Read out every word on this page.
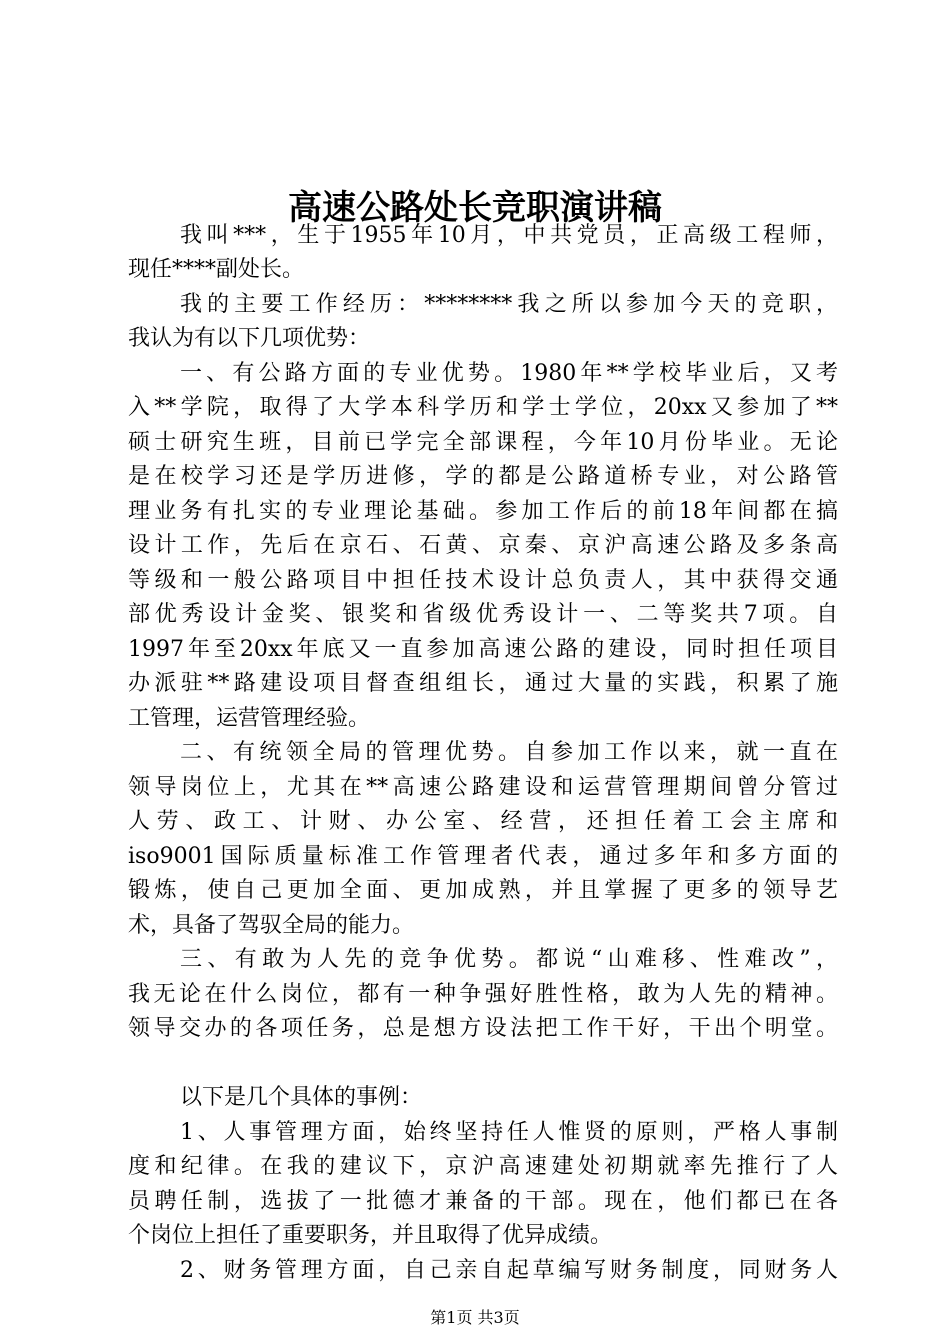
高速公路处长竞职演讲稿

我叫***，生于1955年10月，中共党员，正高级工程师，

现任****副处长。

我的主要工作经历：********我之所以参加今天的竞职，

我认为有以下几项优势：

一、有公路方面的专业优势。1980年**学校毕业后，又考

入**学院，取得了大学本科学历和学士学位，20xx又参加了**

硕士研究生班，目前已学完全部课程，今年10月份毕业。无论

是在校学习还是学历进修，学的都是公路道桥专业，对公路管

理业务有扎实的专业理论基础。参加工作后的前18年间都在搞

设计工作，先后在京石、石黄、京秦、京沪高速公路及多条高

等级和一般公路项目中担任技术设计总负责人，其中获得交通

部优秀设计金奖、银奖和省级优秀设计一、二等奖共7项。自

1997年至20xx年底又一直参加高速公路的建设，同时担任项目

办派驻**路建设项目督查组组长，通过大量的实践，积累了施

工管理，运营管理经验。

二、有统领全局的管理优势。自参加工作以来，就一直在

领导岗位上，尤其在**高速公路建设和运营管理期间曾分管过

人劳、政工、计财、办公室、经营，还担任着工会主席和

iso9001国际质量标准工作管理者代表，通过多年和多方面的

锻炼，使自己更加全面、更加成熟，并且掌握了更多的领导艺

术，具备了驾驭全局的能力。

三、有敢为人先的竞争优势。都说“山难移、性难改”，

我无论在什么岗位，都有一种争强好胜性格，敢为人先的精神。

领导交办的各项任务，总是想方设法把工作干好，干出个明堂。

以下是几个具体的事例：

1、人事管理方面，始终坚持任人惟贤的原则，严格人事制

度和纪律。在我的建议下，京沪高速建处初期就率先推行了人

员聘任制，选拔了一批德才兼备的干部。现在，他们都已在各

个岗位上担任了重要职务，并且取得了优异成绩。

2、财务管理方面，自己亲自起草编写财务制度，同财务人

第1页 共3页
